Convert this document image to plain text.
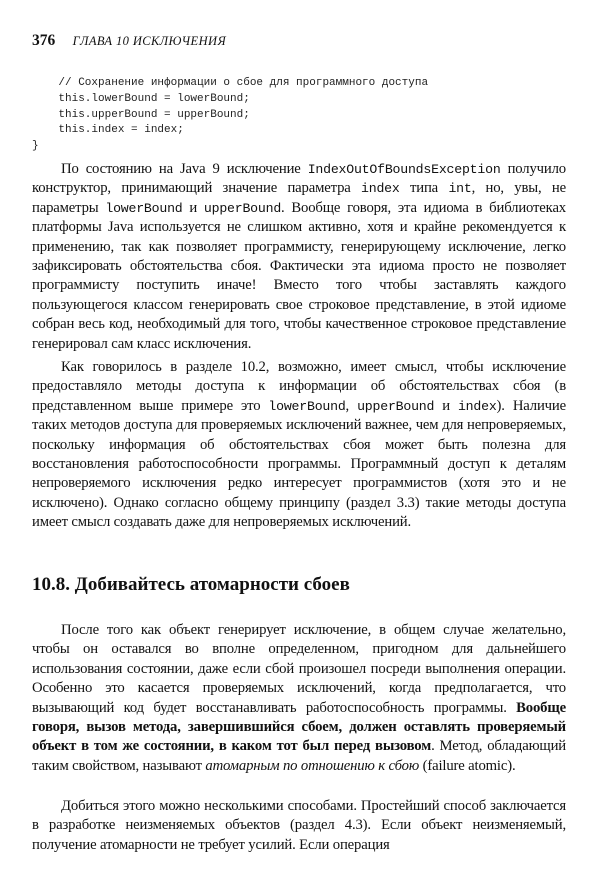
376 ГЛАВА 10 ИСКЛЮЧЕНИЯ
// Сохранение информации о сбое для программного доступа
this.lowerBound = lowerBound;
this.upperBound = upperBound;
this.index = index;
}

По состоянию на Java 9 исключение IndexOutOfBoundsException получило конструктор, принимающий значение параметра index типа int, но, увы, не параметры lowerBound и upperBound. Вообще говоря, эта идиома в библиотеках платформы Java используется не слишком активно, хотя и крайне рекомендуется к применению, так как позволяет программисту, генерирующему исключение, легко зафиксировать обстоятельства сбоя. Фактически эта идиома просто не позволяет программисту поступить иначе! Вместо того чтобы заставлять каждого пользующегося классом генерировать свое строковое представление, в этой идиоме собран весь код, необходимый для того, чтобы качественное строковое представление генерировал сам класс исключения.

Как говорилось в разделе 10.2, возможно, имеет смысл, чтобы исключение предоставляло методы доступа к информации об обстоятельствах сбоя (в представленном выше примере это lowerBound, upperBound и index). Наличие таких методов доступа для проверяемых исключений важнее, чем для непроверяемых, поскольку информация об обстоятельствах сбоя может быть полезна для восстановления работоспособности программы. Программный доступ к деталям непроверяемого исключения редко интересует программистов (хотя это и не исключено). Однако согласно общему принципу (раздел 3.3) такие методы доступа имеет смысл создавать даже для непроверяемых исключений.

10.8. Добивайтесь атомарности сбоев

После того как объект генерирует исключение, в общем случае желательно, чтобы он оставался во вполне определенном, пригодном для дальнейшего использования состоянии, даже если сбой произошел посреди выполнения операции. Особенно это касается проверяемых исключений, когда предполагается, что вызывающий код будет восстанавливать работоспособность программы. Вообще говоря, вызов метода, завершившийся сбоем, должен оставлять проверяемый объект в том же состоянии, в каком тот был перед вызовом. Метод, обладающий таким свойством, называют атомарным по отношению к сбою (failure atomic).

Добиться этого можно несколькими способами. Простейший способ заключается в разработке неизменяемых объектов (раздел 4.3). Если объект неизменяемый, получение атомарности не требует усилий. Если операция
